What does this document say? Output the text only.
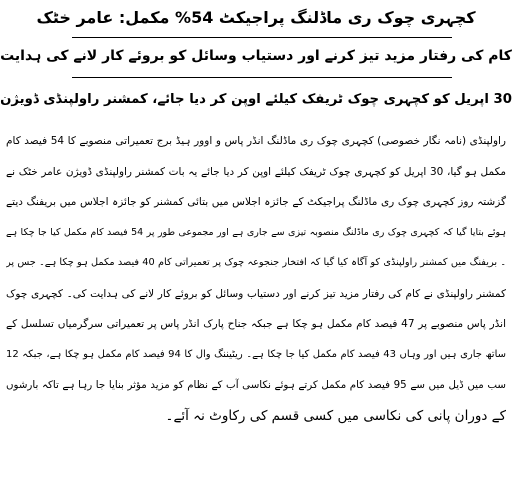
کچہری چوک ری ماڈلنگ پراجیکٹ 54% مکمل: عامر خٹک
کام کی رفتار مزید تیز کرنے اور دستیاب وسائل کو بروئے کار لانے کی ہدایت
30 اپریل کو کچہری چوک ٹریفک کیلئے اوپن کر دیا جائے، کمشنر راولپنڈی ڈویژن
راولپنڈی (نامہ نگار خصوصی) کچہری چوک ری ماڈلنگ انڈر پاس و اوور ہیڈ برج تعمیراتی منصوبے کا 54 فیصد کام
مکمل ہو گیا، 30 اپریل کو کچہری چوک ٹریفک کیلئے اوپن کر دیا جائے یہ بات کمشنر راولپنڈی ڈویژن عامر خٹک نے
گزشتہ روز کچہری چوک ری ماڈلنگ پراجیکٹ کے جائزہ اجلاس میں بتائی کمشنر کو جائزہ اجلاس میں بریفنگ دیتے
ہوئے بتایا گیا کہ کچہری چوک ری ماڈلنگ منصوبہ تیزی سے جاری ہے اور مجموعی طور پر 54 فیصد کام مکمل کیا جا چکا ہے
۔ بریفنگ میں کمشنر راولپنڈی کو آگاہ کیا گیا کہ افتخار جنجوعہ چوک پر تعمیراتی کام 40 فیصد مکمل ہو چکا ہے۔ جس پر
کمشنر راولپنڈی نے کام کی رفتار مزید تیز کرنے اور دستیاب وسائل کو بروئے کار لانے کی ہدایت کی۔ کچہری چوک
انڈر پاس منصوبے پر 47 فیصد کام مکمل ہو چکا ہے جبکہ جناح پارک انڈر پاس پر تعمیراتی سرگرمیاں تسلسل کے
ساتھ جاری ہیں اور وہاں 43 فیصد کام مکمل کیا جا چکا ہے۔ ریٹیننگ وال کا 94 فیصد کام مکمل ہو چکا ہے، جبکہ 12
سب میں ڈیل میں سے 95 فیصد کام مکمل کرتے ہوئے نکاسی آب کے نظام کو مزید مؤثر بنایا جا رہا ہے تاکہ بارشوں
کے دوران پانی کی نکاسی میں کسی قسم کی رکاوٹ نہ آئے۔
